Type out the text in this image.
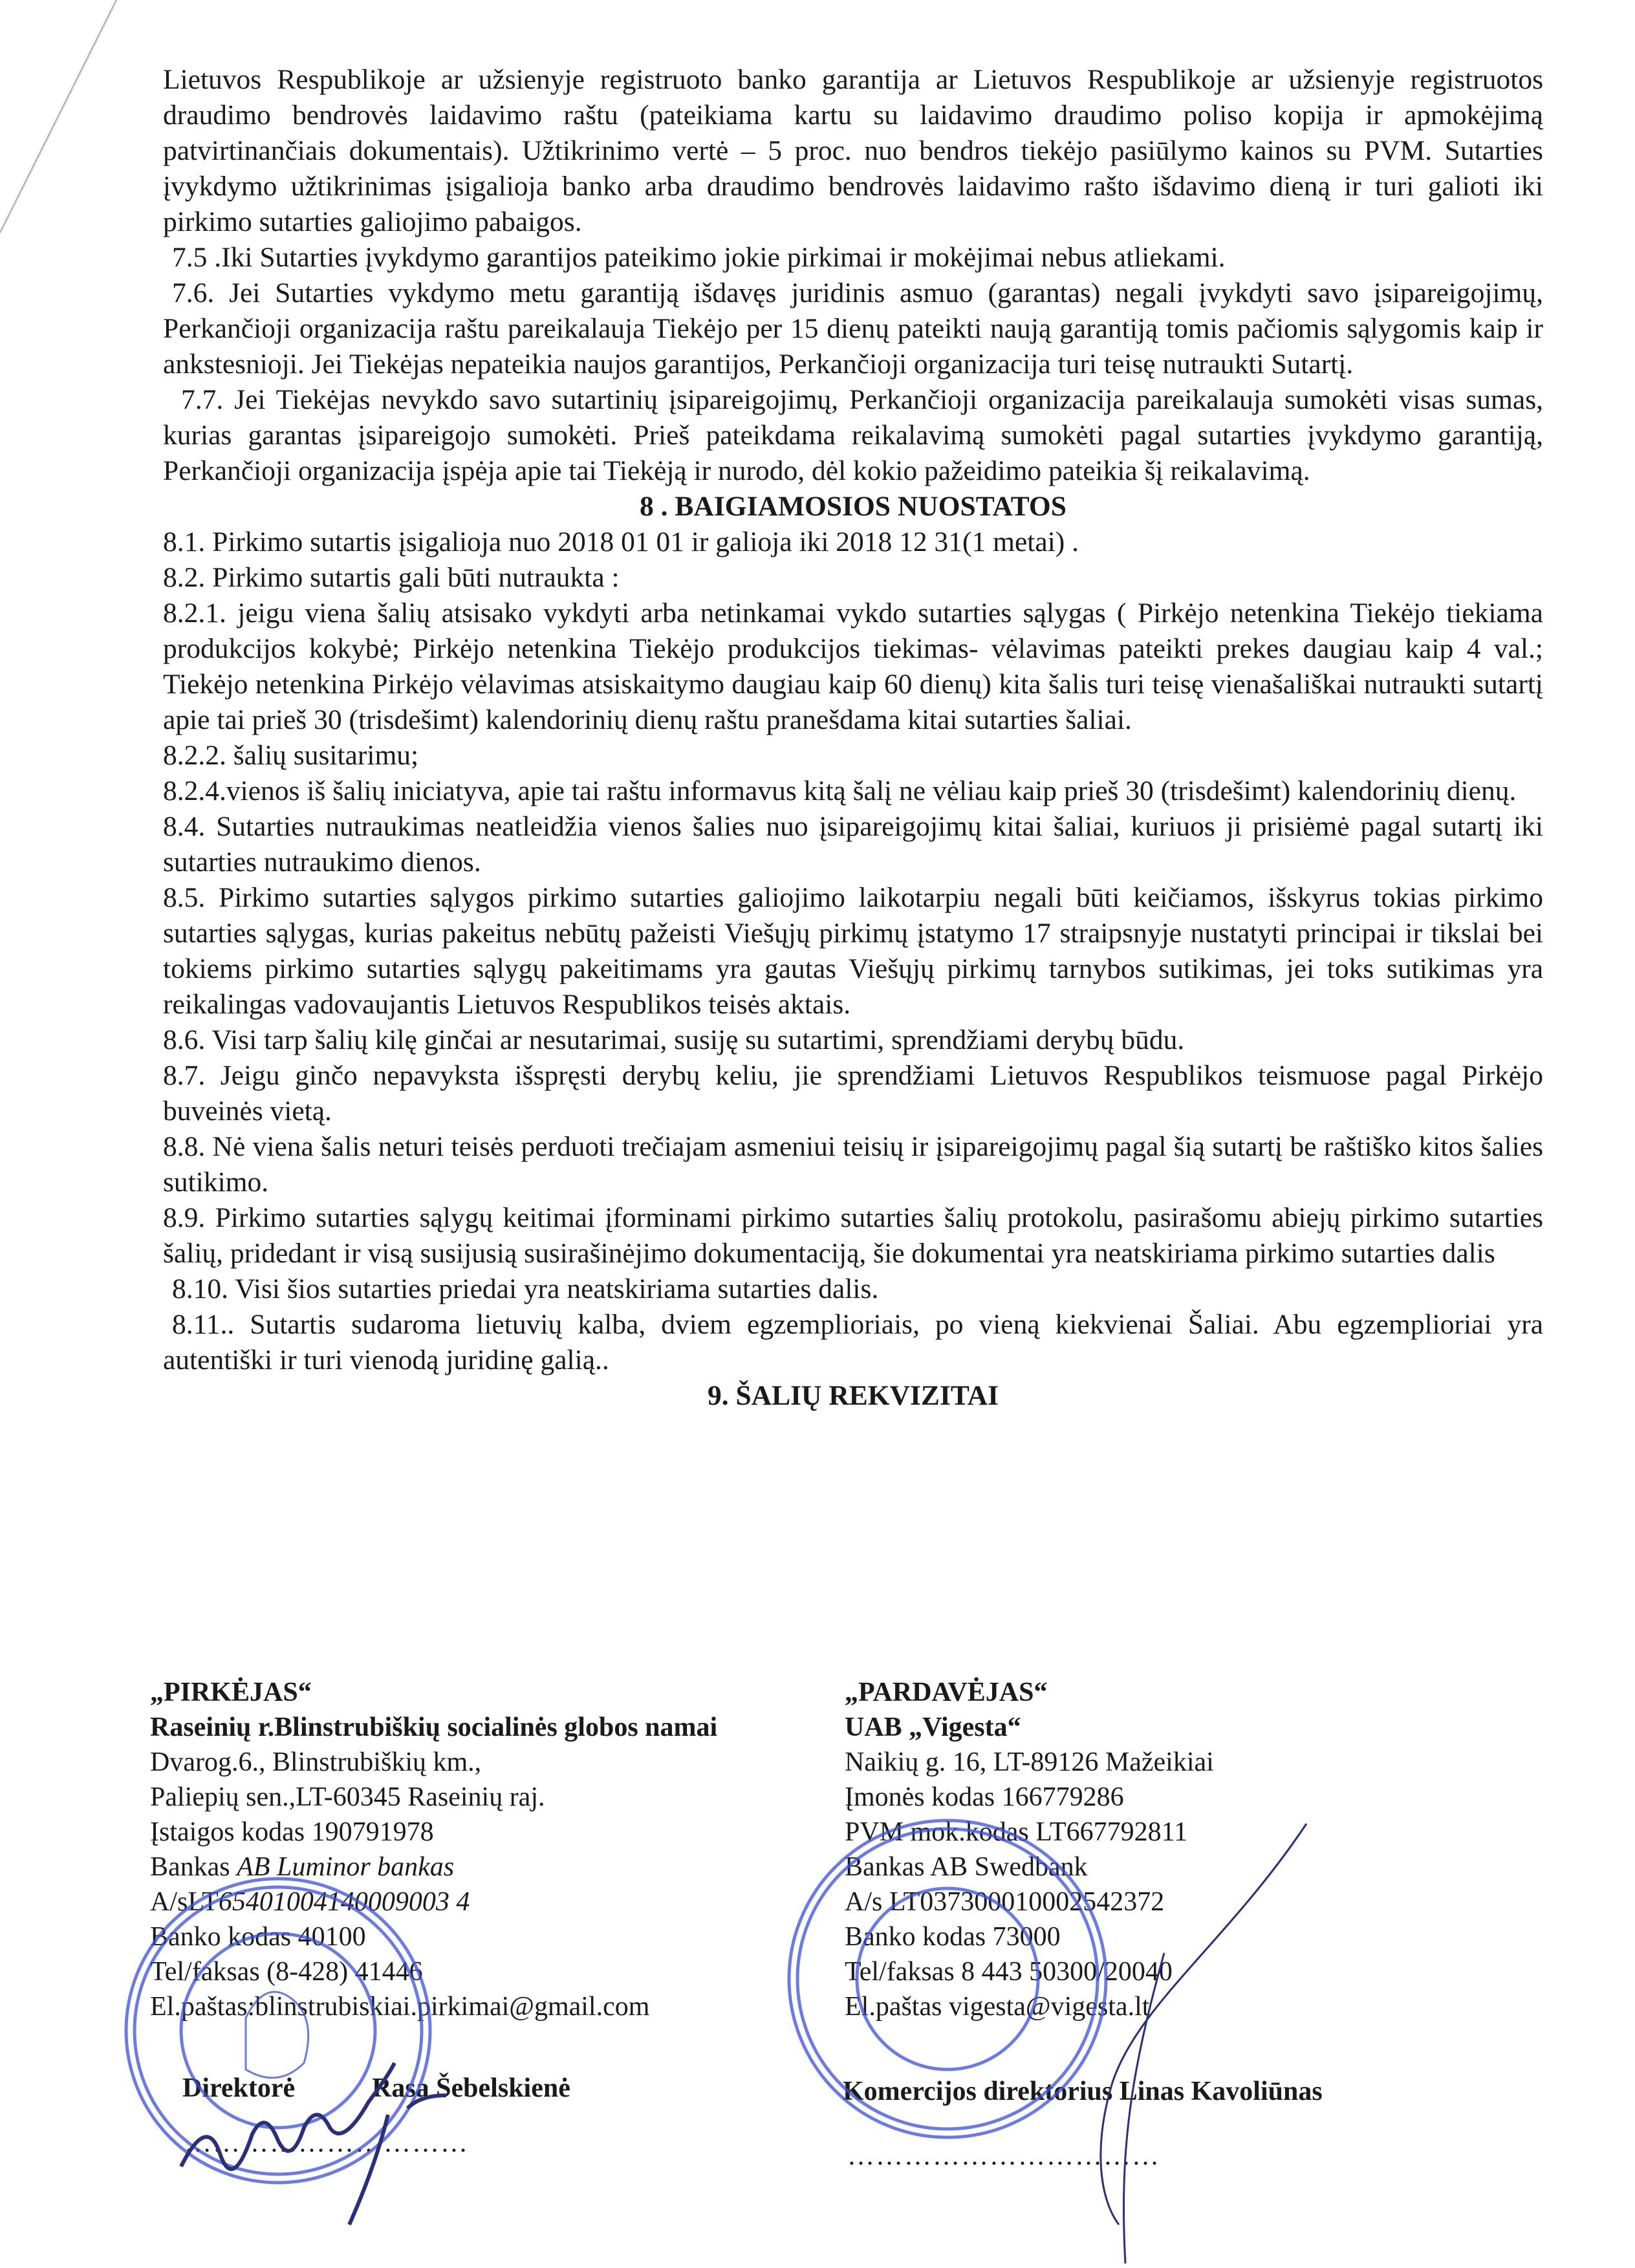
Lietuvos Respublikoje ar užsienyje registruoto banko garantija ar Lietuvos Respublikoje ar užsienyje registruotos draudimo bendrovės laidavimo raštu (pateikiama kartu su laidavimo draudimo poliso kopija ir apmokėjimą patvirtinančiais dokumentais). Užtikrinimo vertė – 5 proc. nuo bendros tiekėjo pasiūlymo kainos su PVM. Sutarties įvykdymo užtikrinimas įsigalioja banko arba draudimo bendrovės laidavimo rašto išdavimo dieną ir turi galioti iki pirkimo sutarties galiojimo pabaigos.

7.5 .Iki Sutarties įvykdymo garantijos pateikimo jokie pirkimai ir mokėjimai nebus atliekami.

7.6. Jei Sutarties vykdymo metu garantiją išdavęs juridinis asmuo (garantas) negali įvykdyti savo įsipareigojimų, Perkančioji organizacija raštu pareikalauja Tiekėjo per 15 dienų pateikti naują garantiją tomis pačiomis sąlygomis kaip ir ankstesnioji. Jei Tiekėjas nepateikia naujos garantijos, Perkančioji organizacija turi teisę nutraukti Sutartį.

7.7. Jei Tiekėjas nevykdo savo sutartinių įsipareigojimų, Perkančioji organizacija pareikalauja sumokėti visas sumas, kurias garantas įsipareigojo sumokėti. Prieš pateikdama reikalavimą sumokėti pagal sutarties įvykdymo garantiją, Perkančioji organizacija įspėja apie tai Tiekėją ir nurodo, dėl kokio pažeidimo pateikia šį reikalavimą.

8 . BAIGIAMOSIOS NUOSTATOS

8.1. Pirkimo sutartis įsigalioja nuo 2018 01 01 ir galioja iki 2018 12 31(1 metai) .

8.2. Pirkimo sutartis gali būti nutraukta :

8.2.1. jeigu viena šalių atsisako vykdyti arba netinkamai vykdo sutarties sąlygas ( Pirkėjo netenkina Tiekėjo tiekiama produkcijos kokybė; Pirkėjo netenkina Tiekėjo produkcijos tiekimas- vėlavimas pateikti prekes daugiau kaip 4 val.; Tiekėjo netenkina Pirkėjo vėlavimas atsiskaitymo daugiau kaip 60 dienų) kita šalis turi teisę vienašališkai nutraukti sutartį apie tai prieš 30 (trisdešimt) kalendorinių dienų raštu pranešdama kitai sutarties šaliai.

8.2.2. šalių susitarimu;

8.2.4.vienos iš šalių iniciatyva, apie tai raštu informavus kitą šalį ne vėliau kaip prieš 30 (trisdešimt) kalendorinių dienų.

8.4. Sutarties nutraukimas neatleidžia vienos šalies nuo įsipareigojimų kitai šaliai, kuriuos ji prisiėmė pagal sutartį iki sutarties nutraukimo dienos.

8.5. Pirkimo sutarties sąlygos pirkimo sutarties galiojimo laikotarpiu negali būti keičiamos, išskyrus tokias pirkimo sutarties sąlygas, kurias pakeitus nebūtų pažeisti Viešųjų pirkimų įstatymo 17 straipsnyje nustatyti principai ir tikslai bei tokiems pirkimo sutarties sąlygų pakeitimams yra gautas Viešųjų pirkimų tarnybos sutikimas, jei toks sutikimas yra reikalingas vadovaujantis Lietuvos Respublikos teisės aktais.

8.6. Visi tarp šalių kilę ginčai ar nesutarimai, susiję su sutartimi, sprendžiami derybų būdu.

8.7. Jeigu ginčo nepavyksta išspręsti derybų keliu, jie sprendžiami Lietuvos Respublikos teismuose pagal Pirkėjo buveinės vietą.

8.8. Nė viena šalis neturi teisės perduoti trečiajam asmeniui teisių ir įsipareigojimų pagal šią sutartį be raštiško kitos šalies sutikimo.

8.9. Pirkimo sutarties sąlygų keitimai įforminami pirkimo sutarties šalių protokolu, pasirašomu abiejų pirkimo sutarties šalių, pridedant ir visą susijusią susirašinėjimo dokumentaciją, šie dokumentai yra neatskiriama pirkimo sutarties dalis

8.10. Visi šios sutarties priedai yra neatskiriama sutarties dalis.

8.11.. Sutartis sudaroma lietuvių kalba, dviem egzemplioriais, po vieną kiekvienai Šaliai. Abu egzemplioriai yra autentiški ir turi vienodą juridinę galią..

9. ŠALIŲ REKVIZITAI
„PIRKĖJAS“
Raseinių r.Blinstrubiškių socialinės globos namai
Dvarog.6., Blinstrubiškių km.,
Paliepių sen.,LT-60345 Raseinių raj.
Įstaigos kodas 190791978
Bankas AB Luminor bankas
A/sLT65401004140009003 4
Banko kodas 40100
Tel/faksas (8-428) 41446
El.paštas:blinstrubiskiai.pirkimai@gmail.com
„PARDAVĖJAS“
UAB „Vigesta“
Naikių g. 16, LT-89126 Mažeikiai
Įmonės kodas 166779286
PVM mok.kodas LT667792811
Bankas AB Swedbank
A/s LT037300010002542372
Banko kodas 73000
Tel/faksas 8 443 50300/20040
El.paštas vigesta@vigesta.lt
Direktorė	Rasa Šebelskienė
…………………………
Komercijos direktorius Linas Kavoliūnas
……………………………
